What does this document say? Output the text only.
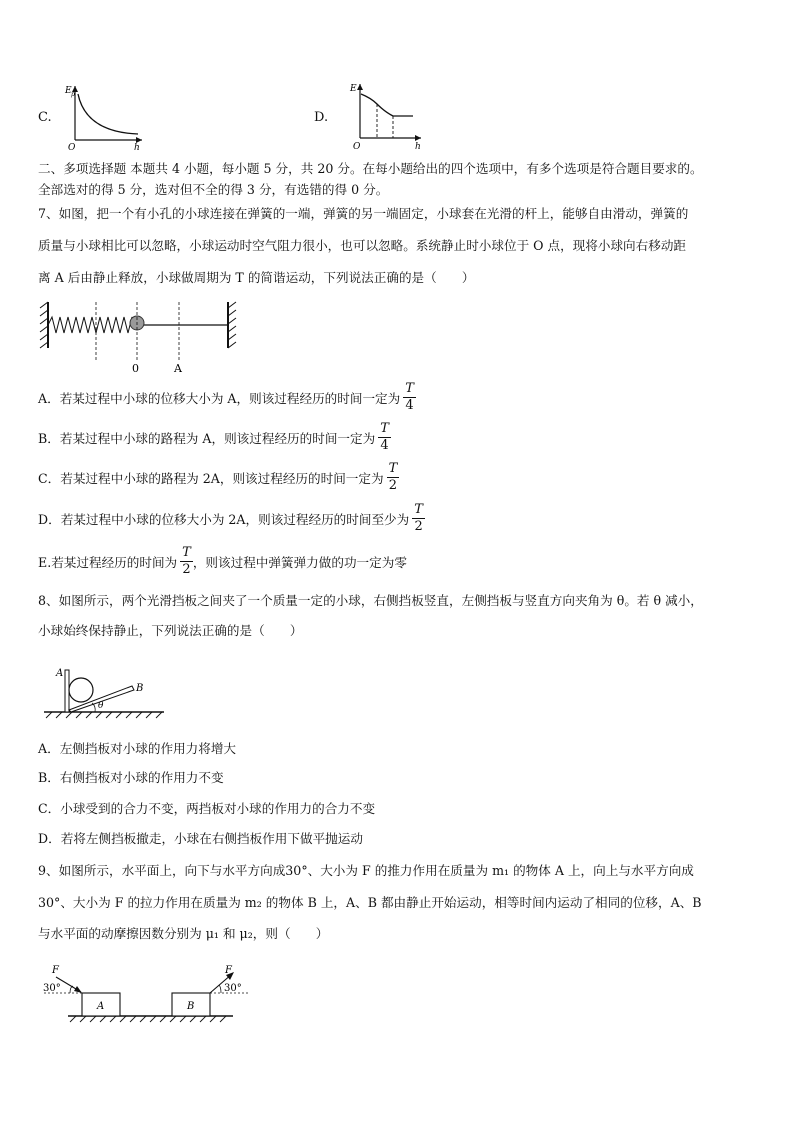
C.
E p
O	h
D.
E
O	h
二、多项选择题 本题共 4 小题，每小题 5 分，共 20 分。在每小题给出的四个选项中，有多个选项是符合题目要求的。
全部选对的得 5 分，选对但不全的得 3 分，有选错的得 0 分。
7、如图，把一个有小孔的小球连接在弹簧的一端，弹簧的另一端固定，小球套在光滑的杆上，能够自由滑动，弹簧的
质量与小球相比可以忽略，小球运动时空气阻力很小，也可以忽略。系统静止时小球位于 O 点，现将小球向右移动距
离 A 后由静止释放，小球做周期为 T 的简谐运动，下列说法正确的是（　　）
0	A
A．若某过程中小球的位移大小为 A，则该过程经历的时间一定为 $\frac{T}{4}$
B．若某过程中小球的路程为 A，则该过程经历的时间一定为 $\frac{T}{4}$
C．若某过程中小球的路程为 2A，则该过程经历的时间一定为 $\frac{T}{2}$
D．若某过程中小球的位移大小为 2A，则该过程经历的时间至少为 $\frac{T}{2}$
E.若某过程经历的时间为 $\frac{T}{2}$ ，则该过程中弹簧弹力做的功一定为零
8、如图所示，两个光滑挡板之间夹了一个质量一定的小球，右侧挡板竖直，左侧挡板与竖直方向夹角为 θ。若 θ 减小，
小球始终保持静止，下列说法正确的是（　　）
A
B
θ
A．左侧挡板对小球的作用力将增大
B．右侧挡板对小球的作用力不变
C．小球受到的合力不变，两挡板对小球的作用力的合力不变
D．若将左侧挡板撤走，小球在右侧挡板作用下做平抛运动
9、如图所示，水平面上，向下与水平方向成30°、大小为 F 的推力作用在质量为 m₁ 的物体 A 上，向上与水平方向成
30°、大小为 F 的拉力作用在质量为 m₂ 的物体 B 上，A、B 都由静止开始运动，相等时间内运动了相同的位移，A、B
与水平面的动摩擦因数分别为 μ₁ 和 μ₂，则（　　）
F
30°
A
F
30°
B
